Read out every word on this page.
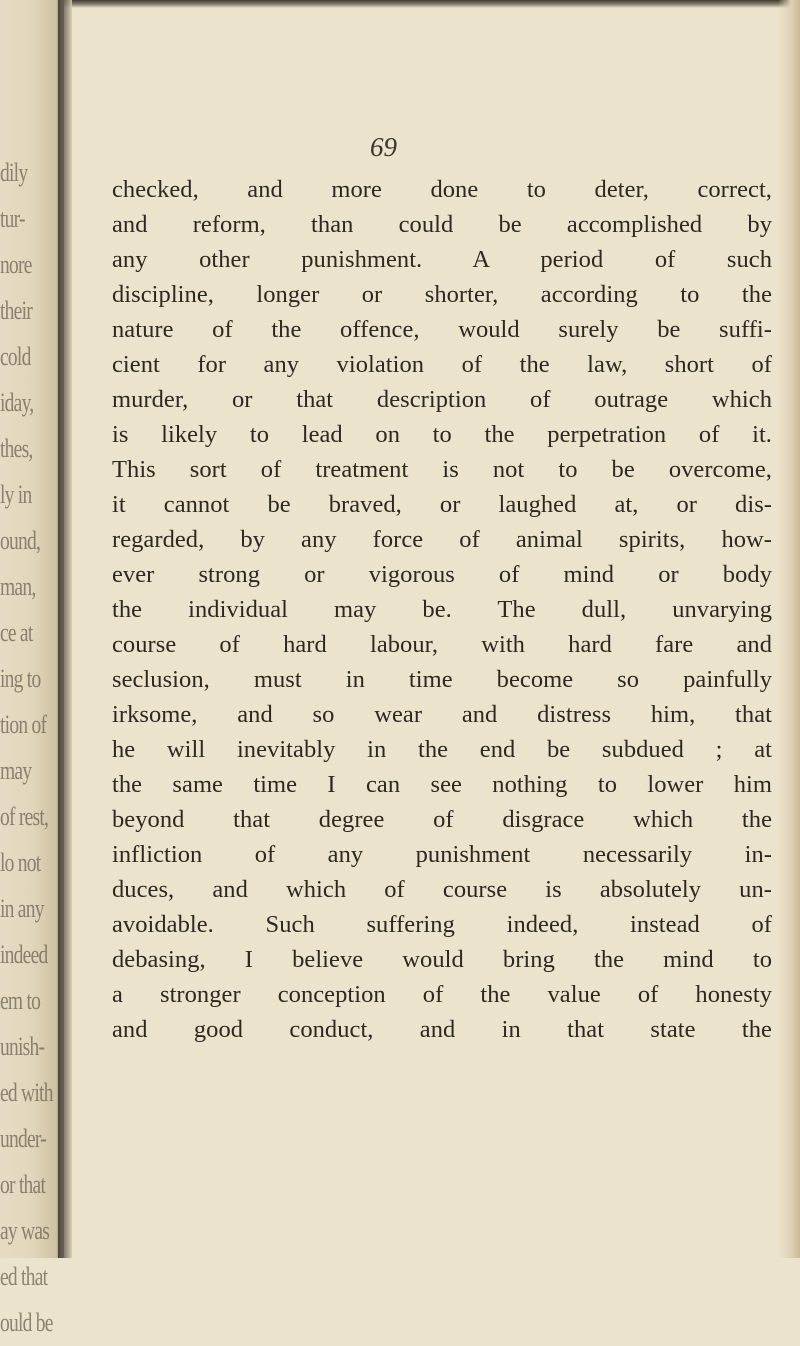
dily
tur-
nore
their
cold
iday,
thes,
ly in
ound,
man,
ce at
ing to
tion of
may
of rest,
lo not
in any
indeed
em to
unish-
ed with
under-
or that
ay was
ed that
ould be
69
checked, and more done to deter, correct,
and reform, than could be accomplished by
any other punishment. A period of such
discipline, longer or shorter, according to the
nature of the offence, would surely be suffi-
cient for any violation of the law, short of
murder, or that description of outrage which
is likely to lead on to the perpetration of it.
This sort of treatment is not to be overcome,
it cannot be braved, or laughed at, or dis-
regarded, by any force of animal spirits, how-
ever strong or vigorous of mind or body
the individual may be. The dull, unvarying
course of hard labour, with hard fare and
seclusion, must in time become so painfully
irksome, and so wear and distress him, that
he will inevitably in the end be subdued ; at
the same time I can see nothing to lower him
beyond that degree of disgrace which the
infliction of any punishment necessarily in-
duces, and which of course is absolutely un-
avoidable. Such suffering indeed, instead of
debasing, I believe would bring the mind to
a stronger conception of the value of honesty
and good conduct, and in that state the
